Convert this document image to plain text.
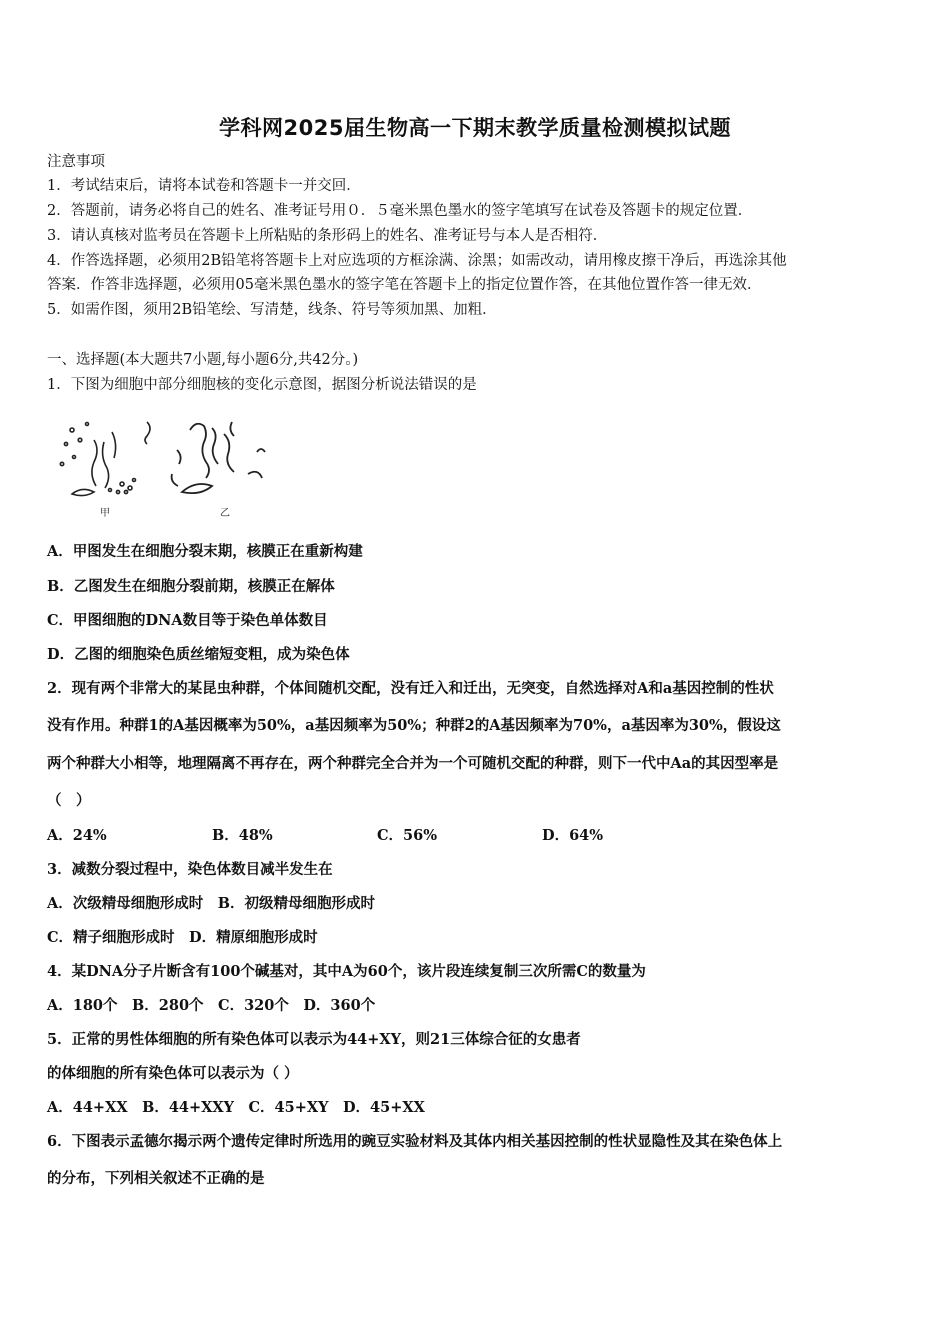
学科网2025届生物高一下期末教学质量检测模拟试题
注意事项
1．考试结束后，请将本试卷和答题卡一并交回．
2．答题前，请务必将自己的姓名、准考证号用０．５毫米黑色墨水的签字笔填写在试卷及答题卡的规定位置．
3．请认真核对监考员在答题卡上所粘贴的条形码上的姓名、准考证号与本人是否相符．
4．作答选择题，必须用2B铅笔将答题卡上对应选项的方框涂满、涂黑；如需改动，请用橡皮擦干净后，再选涂其他
答案．作答非选择题，必须用05毫米黑色墨水的签字笔在答题卡上的指定位置作答，在其他位置作答一律无效．
5．如需作图，须用2B铅笔绘、写清楚，线条、符号等须加黑、加粗．
一、选择题(本大题共7小题,每小题6分,共42分。)
1．下图为细胞中部分细胞核的变化示意图，据图分析说法错误的是
甲	乙
A．甲图发生在细胞分裂末期，核膜正在重新构建
B．乙图发生在细胞分裂前期，核膜正在解体
C．甲图细胞的DNA数目等于染色单体数目
D．乙图的细胞染色质丝缩短变粗，成为染色体
2．现有两个非常大的某昆虫种群，个体间随机交配，没有迁入和迁出，无突变，自然选择对A和a基因控制的性状
没有作用。种群1的A基因概率为50%，a基因频率为50%；种群2的A基因频率为70%，a基因率为30%，假设这
两个种群大小相等，地理隔离不再存在，两个种群完全合并为一个可随机交配的种群，则下一代中Aa的其因型率是
（　）
A．24%	B．48%	C．56%	D．64%
3．减数分裂过程中，染色体数目减半发生在
A．次级精母细胞形成时　B．初级精母细胞形成时
C．精子细胞形成时　D．精原细胞形成时
4．某DNA分子片断含有100个碱基对，其中A为60个，该片段连续复制三次所需C的数量为
A．180个　B．280个　C．320个　D．360个
5．正常的男性体细胞的所有染色体可以表示为44+XY，则21三体综合征的女患者
的体细胞的所有染色体可以表示为（ ）
A．44+XX　B．44+XXY　C．45+XY　D．45+XX
6．下图表示孟德尔揭示两个遗传定律时所选用的豌豆实验材料及其体内相关基因控制的性状显隐性及其在染色体上
的分布，下列相关叙述不正确的是
